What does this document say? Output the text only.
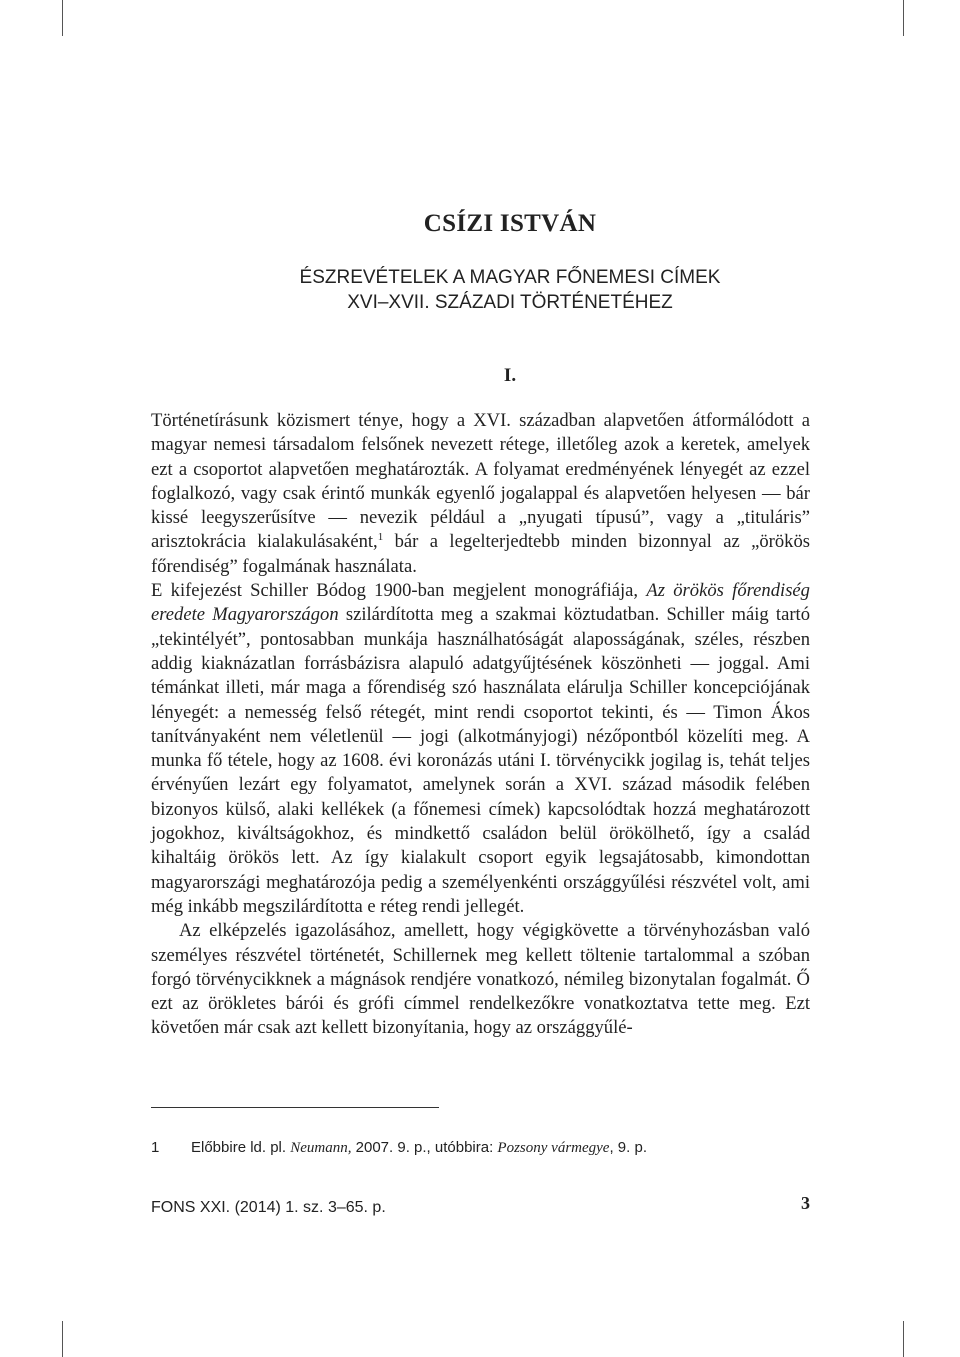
CSÍZI ISTVÁN
ÉSZREVÉTELEK A MAGYAR FŐNEMESI CÍMEK
XVI–XVII. SZÁZADI TÖRTÉNETÉHEZ
I.

Történetírásunk közismert ténye, hogy a XVI. században alapvetően átformálódott a magyar nemesi társadalom felsőnek nevezett rétege, illetőleg azok a keretek, amelyek ezt a csoportot alapvetően meghatározták. A folyamat eredményének lényegét az ezzel foglalkozó, vagy csak érintő munkák egyenlő jogalappal és alapvetően helyesen — bár kissé leegyszerűsítve — nevezik például a „nyugati típusú”, vagy a „tituláris” arisztokrácia kialakulásaként,$^1$ bár a legelterjedtebb minden bizonnyal az „örökös főrendiség” fogalmának használata.

E kifejezést Schiller Bódog 1900-ban megjelent monográfiája, Az örökös főrendiség eredete Magyarországon szilárdította meg a szakmai köztudatban. Schiller máig tartó „tekintélyét”, pontosabban munkája használhatóságát alaposságának, széles, részben addig kiaknázatlan forrásbázisra alapuló adatgyűjtésének köszönheti — joggal. Ami témánkat illeti, már maga a főrendiség szó használata elárulja Schiller koncepciójának lényegét: a nemesség felső rétegét, mint rendi csoportot tekinti, és — Timon Ákos tanítványaként nem véletlenül — jogi (alkotmányjogi) nézőpontból közelíti meg. A munka fő tétele, hogy az 1608. évi koronázás utáni I. törvénycikk jogilag is, tehát teljes érvényűen lezárt egy folyamatot, amelynek során a XVI. század második felében bizonyos külső, alaki kellékek (a főnemesi címek) kapcsolódtak hozzá meghatározott jogokhoz, kiváltságokhoz, és mindkettő családon belül örökölhető, így a család kihaltáig örökös lett. Az így kialakult csoport egyik legsajátosabb, kimondottan magyarországi meghatározója pedig a személyenkénti országgyűlési részvétel volt, ami még inkább megszilárdította e réteg rendi jellegét.

Az elképzelés igazolásához, amellett, hogy végigkövette a törvényhozásban való személyes részvétel történetét, Schillernek meg kellett töltenie tartalommal a szóban forgó törvénycikknek a mágnások rendjére vonatkozó, némileg bizonytalan fogalmát. Ő ezt az örökletes bárói és grófi címmel rendelkezőkre vonatkoztatva tette meg. Ezt követően már csak azt kellett bizonyítania, hogy az országgyűlé-

1 Előbbire ld. pl. Neumann, 2007. 9. p., utóbbira: Pozsony vármegye, 9. p.
FONS XXI. (2014) 1. sz. 3–65. p.	3
